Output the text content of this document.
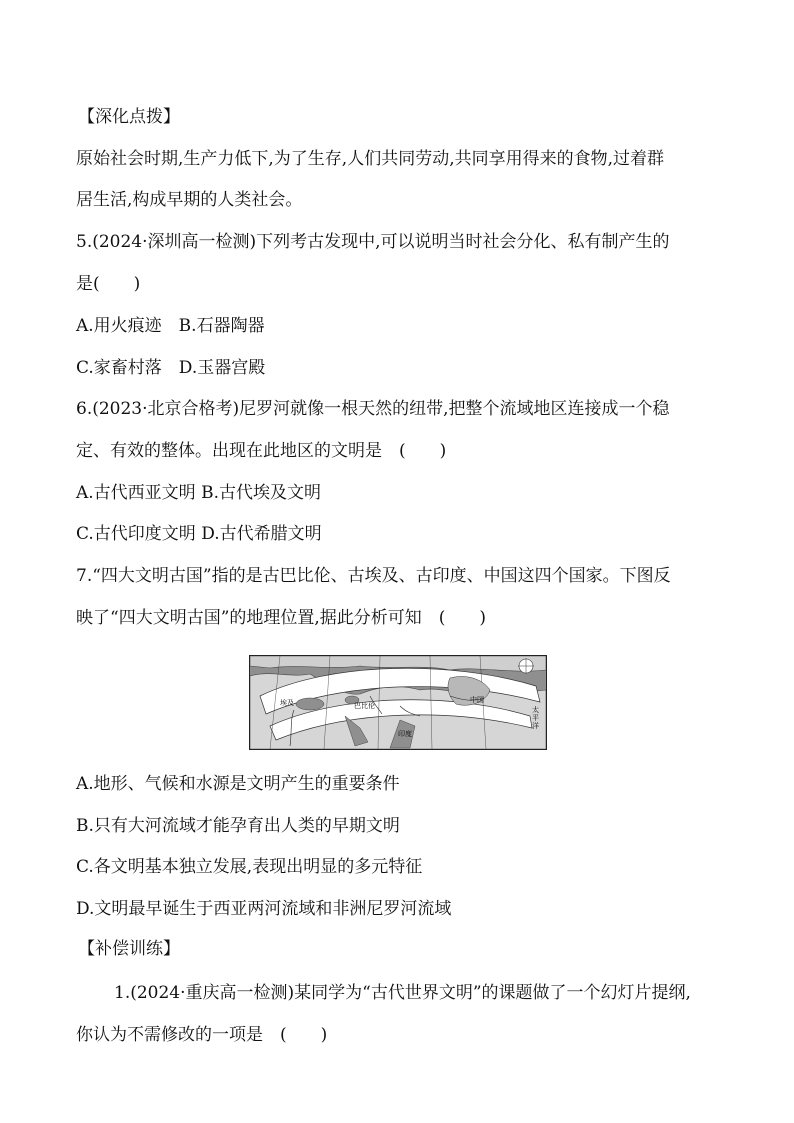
【深化点拨】
原始社会时期,生产力低下,为了生存,人们共同劳动,共同享用得来的食物,过着群
居生活,构成早期的人类社会。
5.(2024·深圳高一检测)下列考古发现中,可以说明当时社会分化、私有制产生的
是(　　)
A.用火痕迹　B.石器陶器
C.家畜村落　D.玉器宫殿
6.(2023·北京合格考)尼罗河就像一根天然的纽带,把整个流域地区连接成一个稳
定、有效的整体。出现在此地区的文明是　(　　)
A.古代西亚文明 B.古代埃及文明
C.古代印度文明 D.古代希腊文明
7.“四大文明古国”指的是古巴比伦、古埃及、古印度、中国这四个国家。下图反
映了“四大文明古国”的地理位置,据此分析可知　(　　)
埃及	巴比伦
印度
中国
太平洋
A.地形、气候和水源是文明产生的重要条件
B.只有大河流域才能孕育出人类的早期文明
C.各文明基本独立发展,表现出明显的多元特征
D.文明最早诞生于西亚两河流域和非洲尼罗河流域
【补偿训练】
1.(2024·重庆高一检测)某同学为“古代世界文明”的课题做了一个幻灯片提纲,
你认为不需修改的一项是　(　　)
